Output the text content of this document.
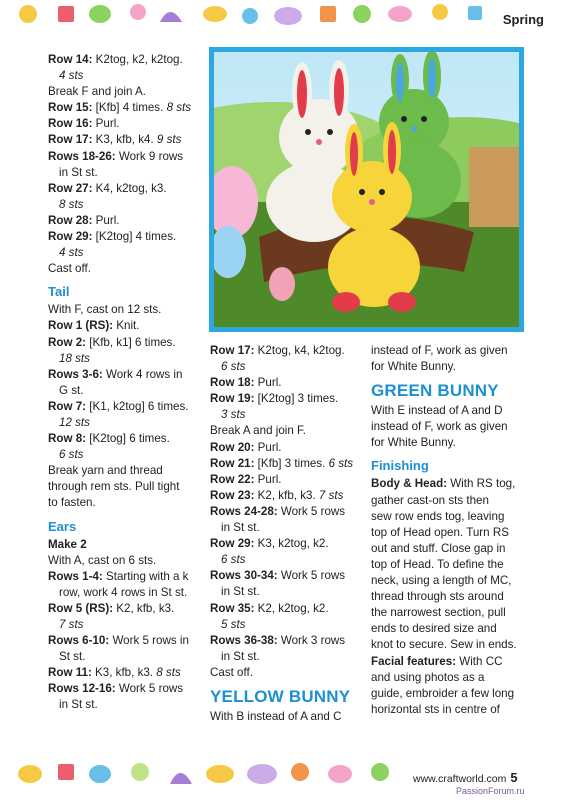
Spring
Row 14: K2tog, k2, k2tog.
4 sts
Break F and join A.
Row 15: [Kfb] 4 times. 8 sts
Row 16: Purl.
Row 17: K3, kfb, k4. 9 sts
Rows 18-26: Work 9 rows
in St st.
Row 27: K4, k2tog, k3.
8 sts
Row 28: Purl.
Row 29: [K2tog] 4 times.
4 sts
Cast off.
Tail
With F, cast on 12 sts.
Row 1 (RS): Knit.
Row 2: [Kfb, k1] 6 times.
18 sts
Rows 3-6: Work 4 rows in
G st.
Row 7: [K1, k2tog] 6 times.
12 sts
Row 8: [K2tog] 6 times.
6 sts
Break yarn and thread
through rem sts. Pull tight
to fasten.
Ears
Make 2
With A, cast on 6 sts.
Rows 1-4: Starting with a k
row, work 4 rows in St st.
Row 5 (RS): K2, kfb, k3.
7 sts
Rows 6-10: Work 5 rows in
St st.
Row 11: K3, kfb, k3. 8 sts
Rows 12-16: Work 5 rows
in St st.
Row 17: K2tog, k4, k2tog.
6 sts
Row 18: Purl.
Row 19: [K2tog] 3 times.
3 sts
Break A and join F.
Row 20: Purl.
Row 21: [Kfb] 3 times. 6 sts
Row 22: Purl.
Row 23: K2, kfb, k3. 7 sts
Rows 24-28: Work 5 rows
in St st.
Row 29: K3, k2tog, k2.
6 sts
Rows 30-34: Work 5 rows
in St st.
Row 35: K2, k2tog, k2.
5 sts
Rows 36-38: Work 3 rows
in St st.
Cast off.
YELLOW BUNNY
With B instead of A and C
instead of F, work as given
for White Bunny.
GREEN BUNNY
With E instead of A and D
instead of F, work as given
for White Bunny.
Finishing
Body & Head: With RS tog,
gather cast-on sts then
sew row ends tog, leaving
top of Head open. Turn RS
out and stuff. Close gap in
top of Head. To define the
neck, using a length of MC,
thread through sts around
the narrowest section, pull
ends to desired size and
knot to secure. Sew in ends.
Facial features: With CC
and using photos as a
guide, embroider a few long
horizontal sts in centre of
www.craftworld.com 5
PassionForum.ru
